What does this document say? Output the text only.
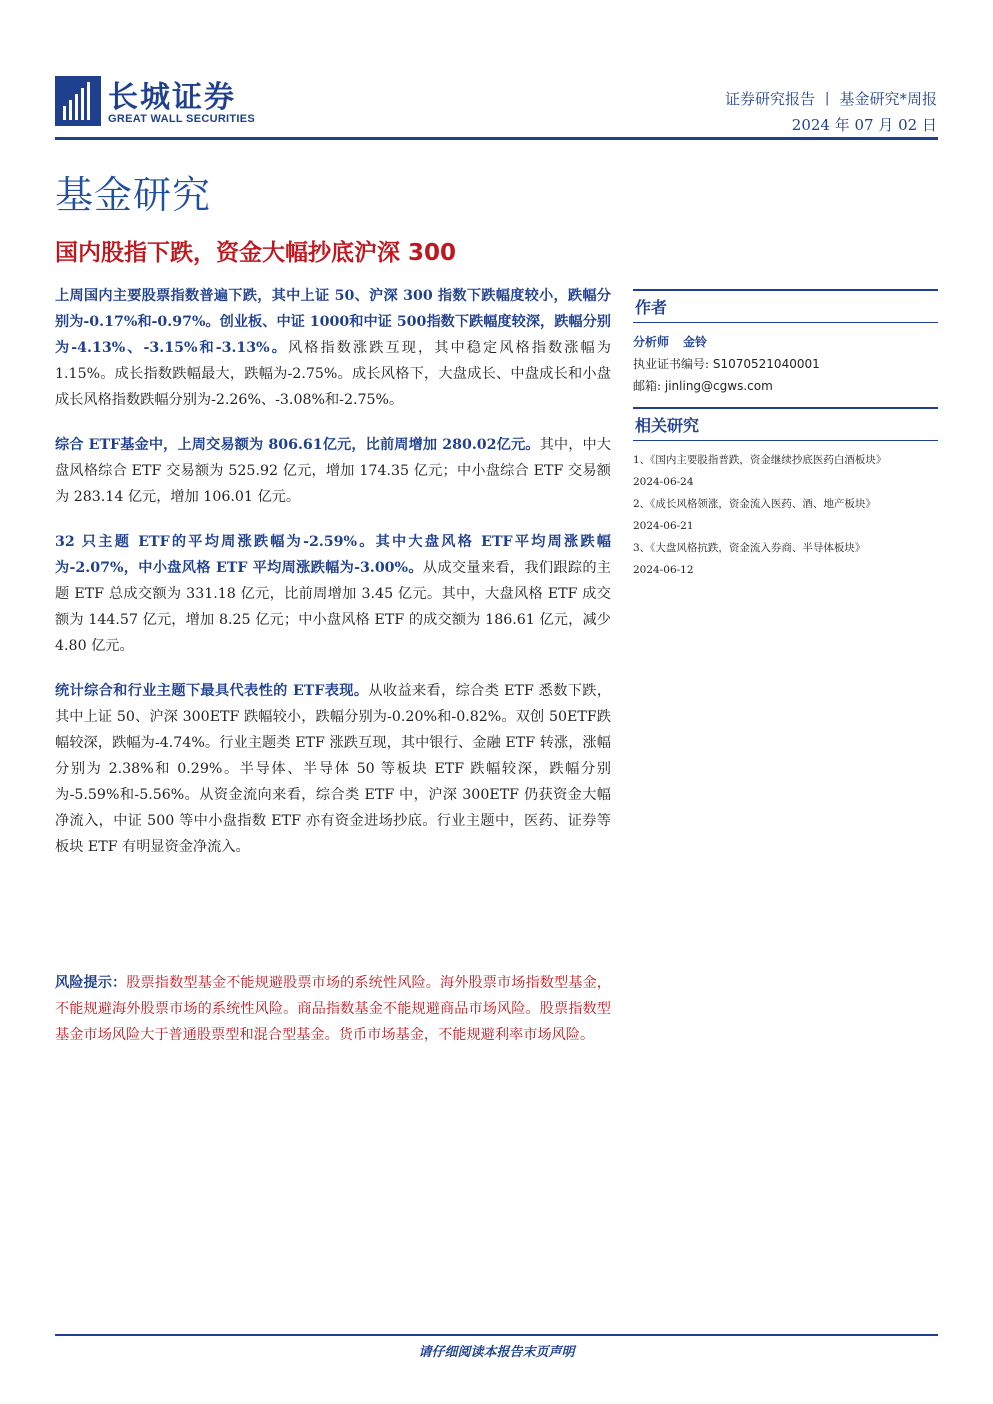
长城证券
GREAT WALL SECURITIES
证券研究报告 丨 基金研究*周报
2024 年 07 月 02 日
基金研究
国内股指下跌，资金大幅抄底沪深 300

上周国内主要股票指数普遍下跌，其中上证 50、沪深 300 指数下跌幅度较小，跌幅分别为-0.17%和-0.97%。创业板、中证 1000和中证 500指数下跌幅度较深，跌幅分别为-4.13%、-3.15%和-3.13%。风格指数涨跌互现，其中稳定风格指数涨幅为 1.15%。成长指数跌幅最大，跌幅为-2.75%。成长风格下，大盘成长、中盘成长和小盘成长风格指数跌幅分别为-2.26%、-3.08%和-2.75%。

综合 ETF基金中，上周交易额为 806.61亿元，比前周增加 280.02亿元。其中，中大盘风格综合 ETF 交易额为 525.92 亿元，增加 174.35 亿元；中小盘综合 ETF 交易额为 283.14 亿元，增加 106.01 亿元。

32 只主题 ETF的平均周涨跌幅为-2.59%。其中大盘风格 ETF平均周涨跌幅为-2.07%，中小盘风格 ETF 平均周涨跌幅为-3.00%。从成交量来看，我们跟踪的主题 ETF 总成交额为 331.18 亿元，比前周增加 3.45 亿元。其中，大盘风格 ETF 成交额为 144.57 亿元，增加 8.25 亿元；中小盘风格 ETF 的成交额为 186.61 亿元，减少 4.80 亿元。

统计综合和行业主题下最具代表性的 ETF表现。从收益来看，综合类 ETF 悉数下跌，其中上证 50、沪深 300ETF 跌幅较小，跌幅分别为-0.20%和-0.82%。双创 50ETF跌幅较深，跌幅为-4.74%。行业主题类 ETF 涨跌互现，其中银行、金融 ETF 转涨，涨幅分别为 2.38%和 0.29%。半导体、半导体 50 等板块 ETF 跌幅较深，跌幅分别为-5.59%和-5.56%。从资金流向来看，综合类 ETF 中，沪深 300ETF 仍获资金大幅净流入，中证 500 等中小盘指数 ETF 亦有资金进场抄底。行业主题中，医药、证券等板块 ETF 有明显资金净流入。

风险提示：股票指数型基金不能规避股票市场的系统性风险。海外股票市场指数型基金，不能规避海外股票市场的系统性风险。商品指数基金不能规避商品市场风险。股票指数型基金市场风险大于普通股票型和混合型基金。货币市场基金，不能规避利率市场风险。
作者
分析师 金铃
执业证书编号: S1070521040001
邮箱: jinling@cgws.com
相关研究
1、《国内主要股指普跌，资金继续抄底医药白酒板块》
2024-06-24
2、《成长风格领涨，资金流入医药、酒、地产板块》
2024-06-21
3、《大盘风格抗跌，资金流入券商、半导体板块》
2024-06-12
请仔细阅读本报告末页声明
